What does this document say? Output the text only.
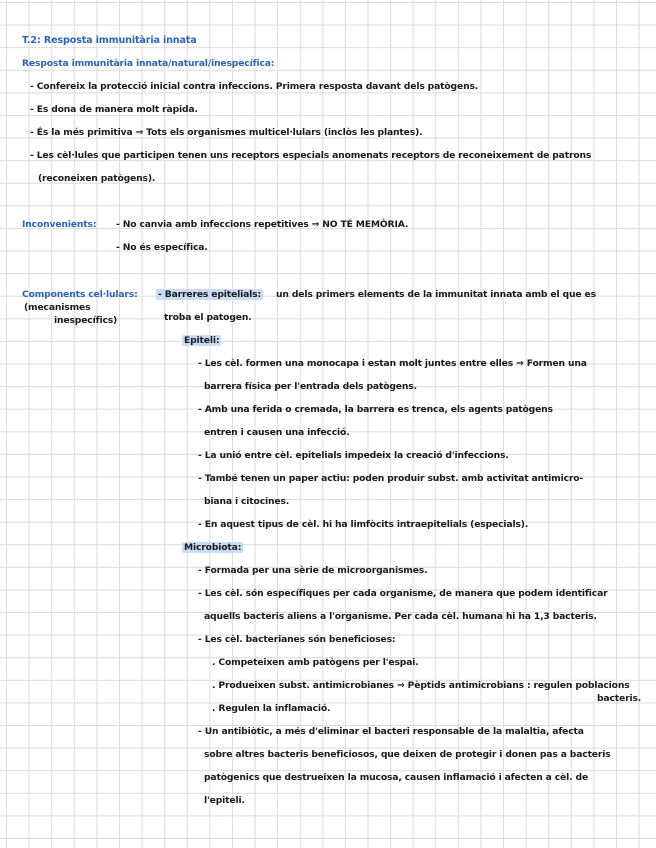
T.2: Resposta immunitària innata
Resposta immunitària innata/natural/inespecífica:
- Confereix la protecció inicial contra infeccions. Primera resposta davant dels patògens.
- Es dona de manera molt ràpida.
- És la més primitiva ⇒ Tots els organismes multicel·lulars (inclòs les plantes).
- Les cèl·lules que participen tenen uns receptors especials anomenats receptors de reconeixement de patrons
(reconeixen patògens).
Inconvenients: - No canvia amb infeccions repetitives ⇒ NO TÉ MEMÒRIA.
- No és específica.
Components cel·lulars:
(mecanismes
inespecífics)
- Barreres epitelials: un dels primers elements de la immunitat innata amb el que es
troba el patogen.
Epiteli:
- Les cèl. formen una monocapa i estan molt juntes entre elles ⇒ Formen una
barrera física per l'entrada dels patògens.
- Amb una ferida o cremada, la barrera es trenca, els agents patògens
entren i causen una infecció.
- La unió entre cèl. epitelials impedeix la creació d'infeccions.
- També tenen un paper actiu: poden produir subst. amb activitat antimicro-
biana i citocines.
- En aquest tipus de cèl. hi ha limfòcits intraepitelials (especials).
Microbiota:
- Formada per una sèrie de microorganismes.
- Les cèl. són específiques per cada organisme, de manera que podem identificar
aquells bacteris aliens a l'organisme. Per cada cèl. humana hi ha 1,3 bacteris.
- Les cèl. bacterianes són beneficioses:
. Competeixen amb patògens per l'espai.
. Produeixen subst. antimicrobianes ⇒ Pèptids antimicrobians : regulen poblacions
bacteris.
. Regulen la inflamació.
- Un antibiòtic, a més d'eliminar el bacteri responsable de la malaltia, afecta
sobre altres bacteris beneficiosos, que deixen de protegir i donen pas a bacteris
patògenics que destrueixen la mucosa, causen inflamació i afecten a cèl. de
l'epiteli.
